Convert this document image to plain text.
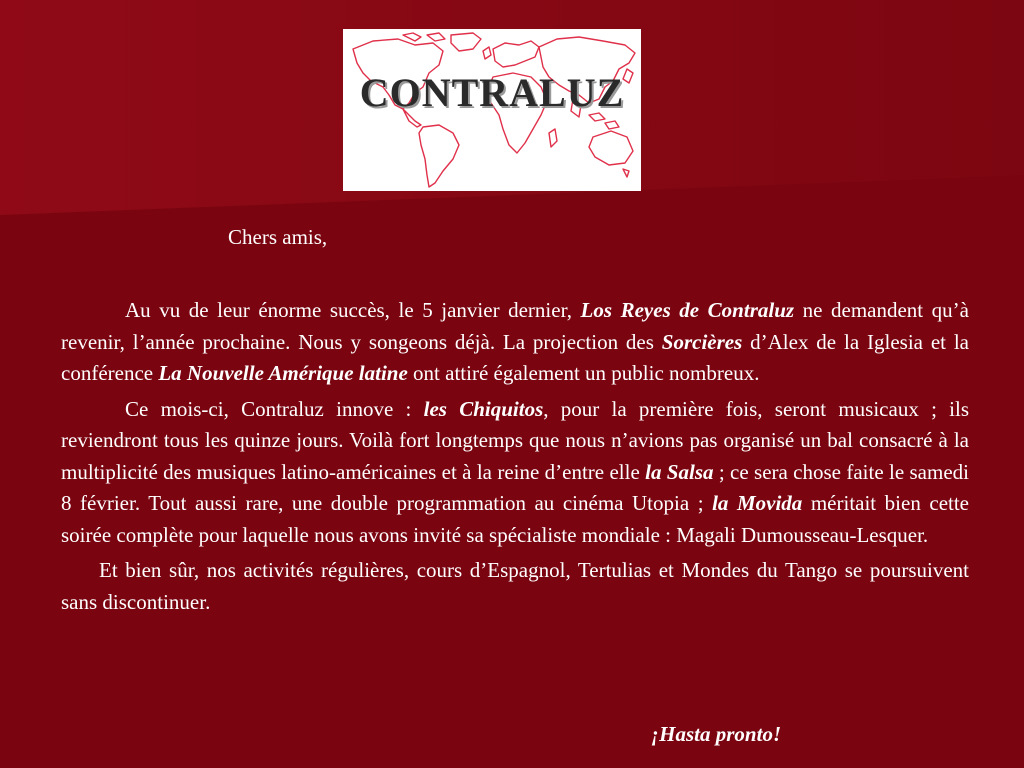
CONTRALUZ
Chers amis,

Au vu de leur énorme succès, le 5 janvier dernier, Los Reyes de Contraluz ne demandent qu’à revenir, l’année prochaine. Nous y songeons déjà. La projection des Sorcières d’Alex de la Iglesia et la conférence La Nouvelle Amérique latine ont attiré également un public nombreux.

Ce mois-ci, Contraluz innove : les Chiquitos, pour la première fois, seront musicaux ; ils reviendront tous les quinze jours. Voilà fort longtemps que nous n’avions pas organisé un bal consacré à la multiplicité des musiques latino-américaines et à la reine d’entre elle la Salsa ; ce sera chose faite le samedi 8 février. Tout aussi rare, une double programmation au cinéma Utopia ; la Movida méritait bien cette soirée complète pour laquelle nous avons invité sa spécialiste mondiale : Magali Dumousseau-Lesquer.

Et bien sûr, nos activités régulières, cours d’Espagnol, Tertulias et Mondes du Tango se poursuivent sans discontinuer.

¡Hasta pronto!
